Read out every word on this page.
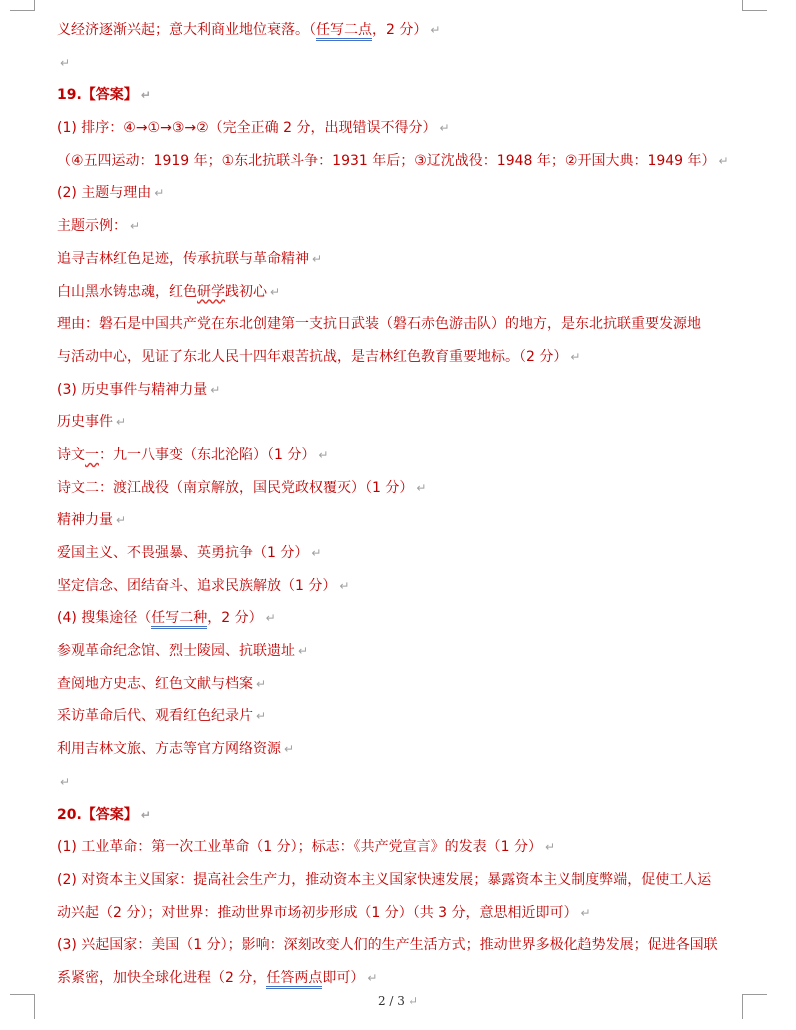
义经济逐渐兴起；意大利商业地位衰落。（任写二点，2 分） ↵
↵
19.【答案】 ↵
(1) 排序：④→①→③→②（完全正确 2 分，出现错误不得分） ↵
（④五四运动：1919 年；①东北抗联斗争：1931 年后；③辽沈战役：1948 年；②开国大典：1949 年） ↵
(2) 主题与理由 ↵
主题示例： ↵
追寻吉林红色足迹，传承抗联与革命精神 ↵
白山黑水铸忠魂，红色研学践初心 ↵
理由：磐石是中国共产党在东北创建第一支抗日武装（磐石赤色游击队）的地方，是东北抗联重要发源地
与活动中心，见证了东北人民十四年艰苦抗战，是吉林红色教育重要地标。（2 分） ↵
(3) 历史事件与精神力量 ↵
历史事件 ↵
诗文一：九一八事变（东北沦陷）（1 分） ↵
诗文二：渡江战役（南京解放，国民党政权覆灭）（1 分） ↵
精神力量 ↵
爱国主义、不畏强暴、英勇抗争（1 分） ↵
坚定信念、团结奋斗、追求民族解放（1 分） ↵
(4) 搜集途径（任写二种，2 分） ↵
参观革命纪念馆、烈士陵园、抗联遗址 ↵
查阅地方史志、红色文献与档案 ↵
采访革命后代、观看红色纪录片 ↵
利用吉林文旅、方志等官方网络资源 ↵
↵
20.【答案】 ↵
(1) 工业革命：第一次工业革命（1 分）；标志：《共产党宣言》的发表（1 分） ↵
(2) 对资本主义国家：提高社会生产力，推动资本主义国家快速发展；暴露资本主义制度弊端，促使工人运
动兴起（2 分）；对世界：推动世界市场初步形成（1 分）（共 3 分，意思相近即可） ↵
(3) 兴起国家：美国（1 分）；影响：深刻改变人们的生产生活方式；推动世界多极化趋势发展；促进各国联
系紧密，加快全球化进程（2 分，任答两点即可） ↵
2 / 3 ↵
